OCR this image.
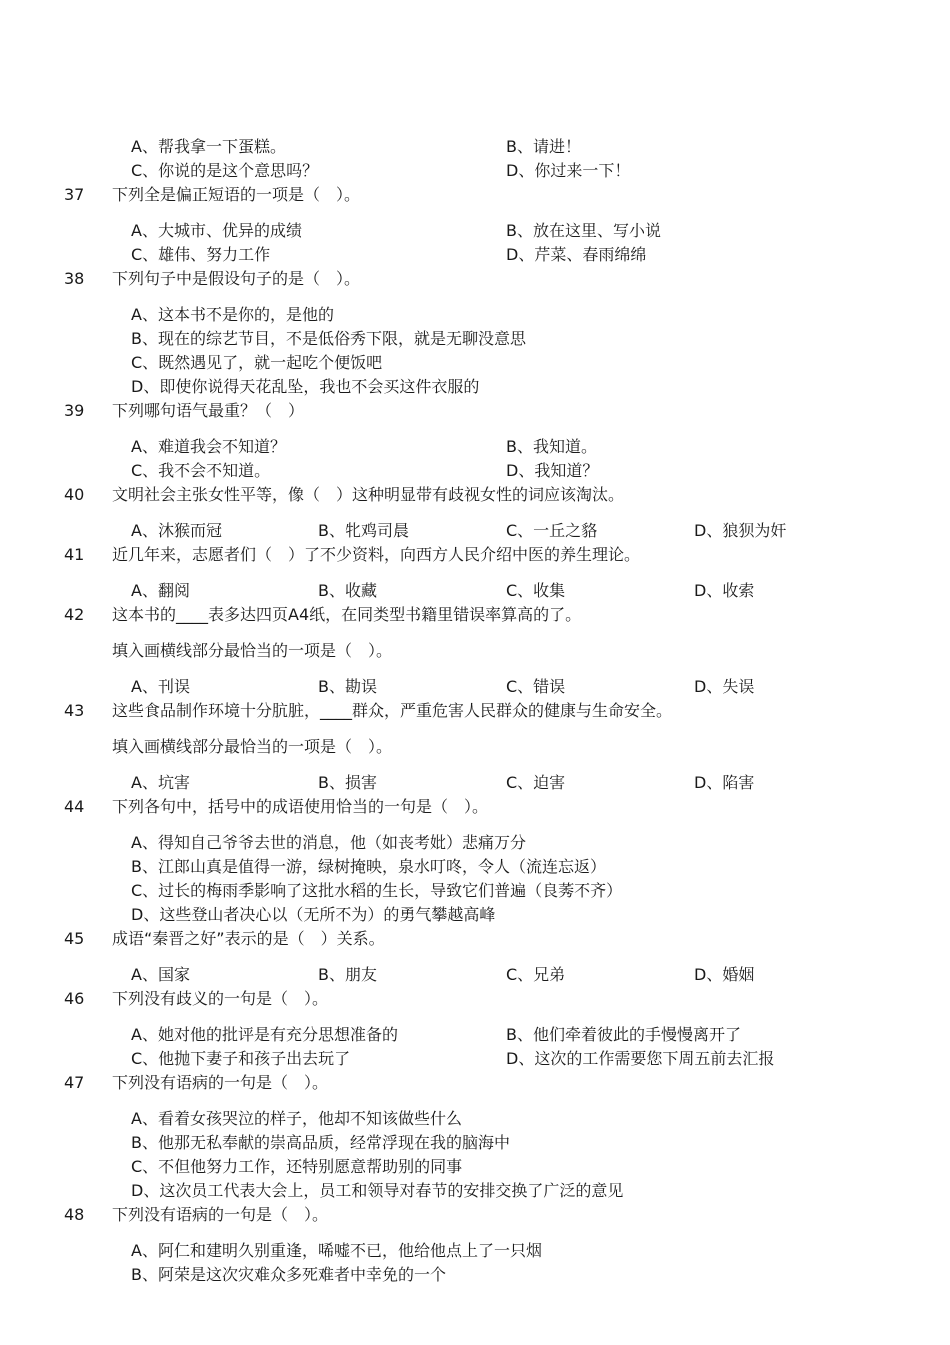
A、帮我拿一下蛋糕。	B、请进！
C、你说的是这个意思吗？	D、你过来一下！
37 下列全是偏正短语的一项是（　）。
A、大城市、优异的成绩	B、放在这里、写小说
C、雄伟、努力工作	D、芹菜、春雨绵绵
38 下列句子中是假设句子的是（　）。
A、这本书不是你的，是他的
B、现在的综艺节目，不是低俗秀下限，就是无聊没意思
C、既然遇见了，就一起吃个便饭吧
D、即使你说得天花乱坠，我也不会买这件衣服的
39 下列哪句语气最重？（　）
A、难道我会不知道？	B、我知道。
C、我不会不知道。	D、我知道？
40 文明社会主张女性平等，像（　）这种明显带有歧视女性的词应该淘汰。
A、沐猴而冠	B、牝鸡司晨	C、一丘之貉	D、狼狈为奸
41 近几年来，志愿者们（　）了不少资料，向西方人民介绍中医的养生理论。
A、翻阅	B、收藏	C、收集	D、收索
42 这本书的____表多达四页A4纸，在同类型书籍里错误率算高的了。
填入画横线部分最恰当的一项是（　）。
A、刊误	B、勘误	C、错误	D、失误
43 这些食品制作环境十分肮脏，____群众，严重危害人民群众的健康与生命安全。
填入画横线部分最恰当的一项是（　）。
A、坑害	B、损害	C、迫害	D、陷害
44 下列各句中，括号中的成语使用恰当的一句是（　）。
A、得知自己爷爷去世的消息，他（如丧考妣）悲痛万分
B、江郎山真是值得一游，绿树掩映，泉水叮咚，令人（流连忘返）
C、过长的梅雨季影响了这批水稻的生长，导致它们普遍（良莠不齐）
D、这些登山者决心以（无所不为）的勇气攀越高峰
45 成语“秦晋之好”表示的是（　）关系。
A、国家	B、朋友	C、兄弟	D、婚姻
46 下列没有歧义的一句是（　）。
A、她对他的批评是有充分思想准备的	B、他们牵着彼此的手慢慢离开了
C、他抛下妻子和孩子出去玩了	D、这次的工作需要您下周五前去汇报
47 下列没有语病的一句是（　）。
A、看着女孩哭泣的样子，他却不知该做些什么
B、他那无私奉献的崇高品质，经常浮现在我的脑海中
C、不但他努力工作，还特别愿意帮助别的同事
D、这次员工代表大会上，员工和领导对春节的安排交换了广泛的意见
48 下列没有语病的一句是（　）。
A、阿仁和建明久别重逢，唏嘘不已，他给他点上了一只烟
B、阿荣是这次灾难众多死难者中幸免的一个
